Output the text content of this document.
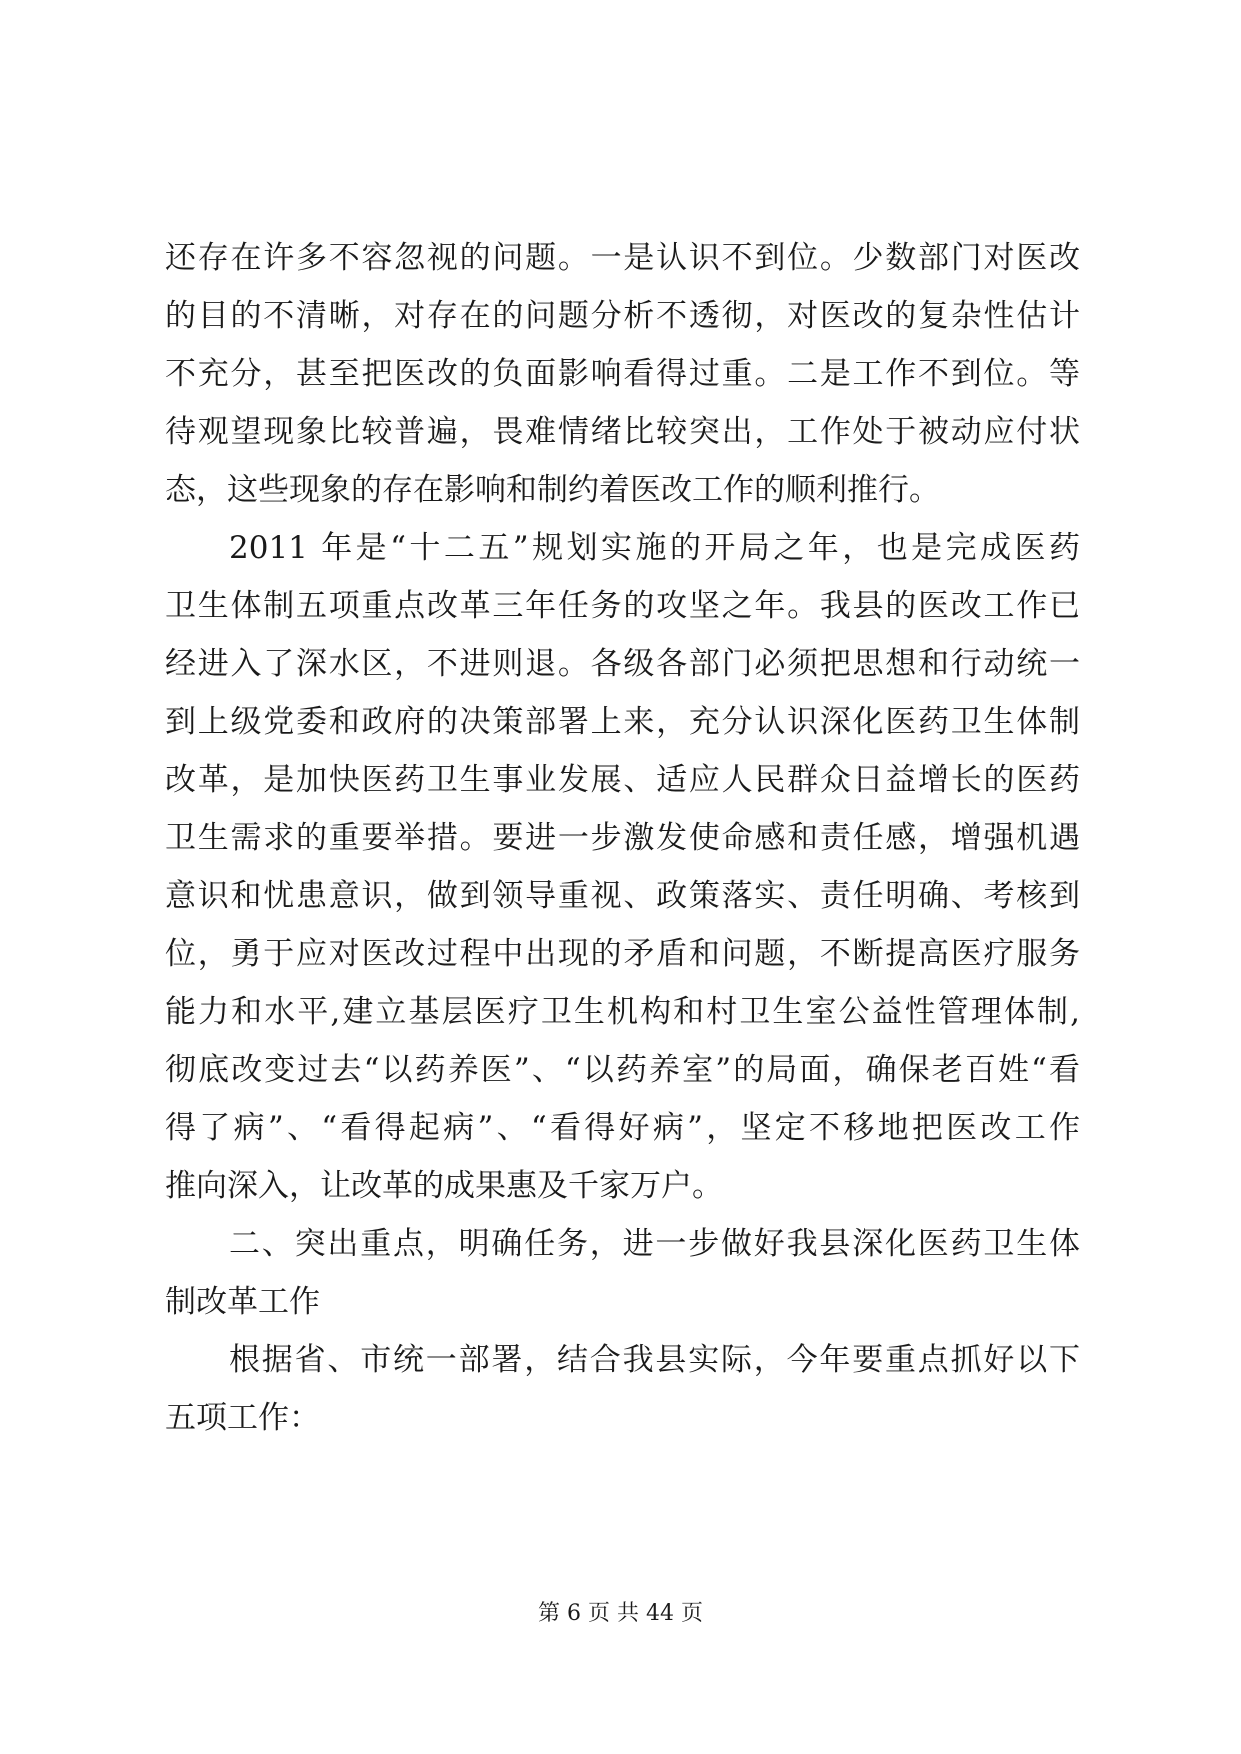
还存在许多不容忽视的问题。一是认识不到位。少数部门对医改
的目的不清晰，对存在的问题分析不透彻，对医改的复杂性估计
不充分，甚至把医改的负面影响看得过重。二是工作不到位。等
待观望现象比较普遍，畏难情绪比较突出，工作处于被动应付状
态，这些现象的存在影响和制约着医改工作的顺利推行。
2011 年是“十二五”规划实施的开局之年，也是完成医药
卫生体制五项重点改革三年任务的攻坚之年。我县的医改工作已
经进入了深水区，不进则退。各级各部门必须把思想和行动统一
到上级党委和政府的决策部署上来，充分认识深化医药卫生体制
改革，是加快医药卫生事业发展、适应人民群众日益增长的医药
卫生需求的重要举措。要进一步激发使命感和责任感，增强机遇
意识和忧患意识，做到领导重视、政策落实、责任明确、考核到
位，勇于应对医改过程中出现的矛盾和问题，不断提高医疗服务
能力和水平,建立基层医疗卫生机构和村卫生室公益性管理体制,
彻底改变过去“以药养医”、“以药养室”的局面，确保老百姓“看
得了病”、“看得起病”、“看得好病”，坚定不移地把医改工作
推向深入，让改革的成果惠及千家万户。
二、突出重点，明确任务，进一步做好我县深化医药卫生体
制改革工作
根据省、市统一部署，结合我县实际，今年要重点抓好以下
五项工作：
第 6 页 共 44 页
